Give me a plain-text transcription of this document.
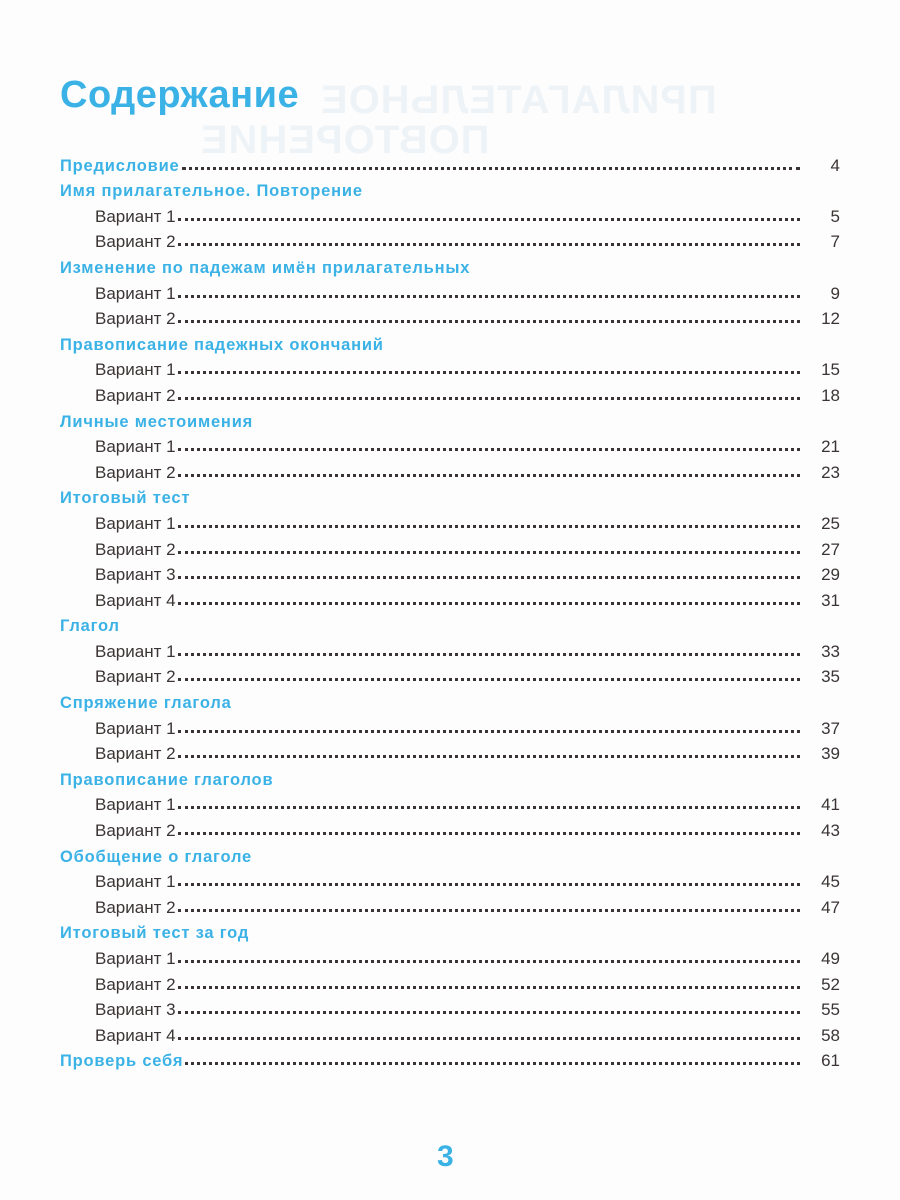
ПРИЛАГАТЕЛЬНОЕ
ПОВТОРЕНИЕ
Содержание
Предисловие	4
Имя прилагательное. Повторение
Вариант 1	5
Вариант 2	7
Изменение по падежам имён прилагательных
Вариант 1	9
Вариант 2	12
Правописание падежных окончаний
Вариант 1	15
Вариант 2	18
Личные местоимения
Вариант 1	21
Вариант 2	23
Итоговый тест
Вариант 1	25
Вариант 2	27
Вариант 3	29
Вариант 4	31
Глагол
Вариант 1	33
Вариант 2	35
Спряжение глагола
Вариант 1	37
Вариант 2	39
Правописание глаголов
Вариант 1	41
Вариант 2	43
Обобщение о глаголе
Вариант 1	45
Вариант 2	47
Итоговый тест за год
Вариант 1	49
Вариант 2	52
Вариант 3	55
Вариант 4	58
Проверь себя	61
3
